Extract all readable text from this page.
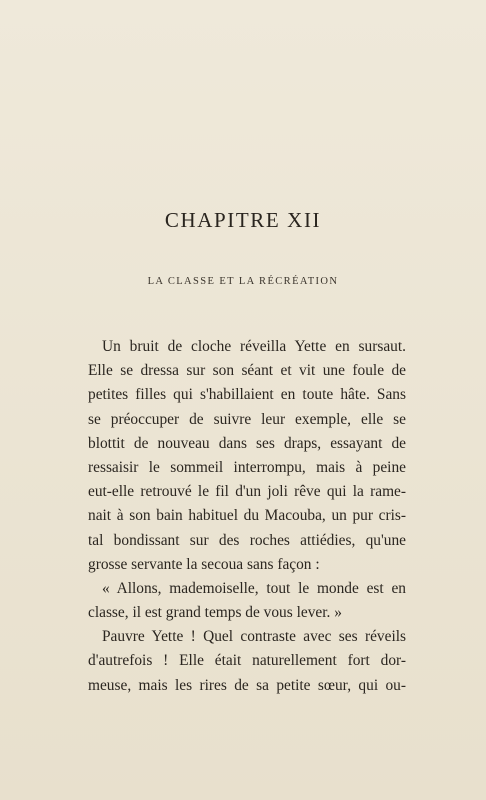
CHAPITRE XII
LA CLASSE ET LA RÉCRÉATION
Un bruit de cloche réveilla Yette en sursaut.
Elle se dressa sur son séant et vit une foule de
petites filles qui s'habillaient en toute hâte. Sans
se préoccuper de suivre leur exemple, elle se
blottit de nouveau dans ses draps, essayant de
ressaisir le sommeil interrompu, mais à peine
eut-elle retrouvé le fil d'un joli rêve qui la rame-
nait à son bain habituel du Macouba, un pur cris-
tal bondissant sur des roches attiédies, qu'une
grosse servante la secoua sans façon :
« Allons, mademoiselle, tout le monde est en
classe, il est grand temps de vous lever. »
Pauvre Yette ! Quel contraste avec ses réveils
d'autrefois ! Elle était naturellement fort dor-
meuse, mais les rires de sa petite sœur, qui ou-
